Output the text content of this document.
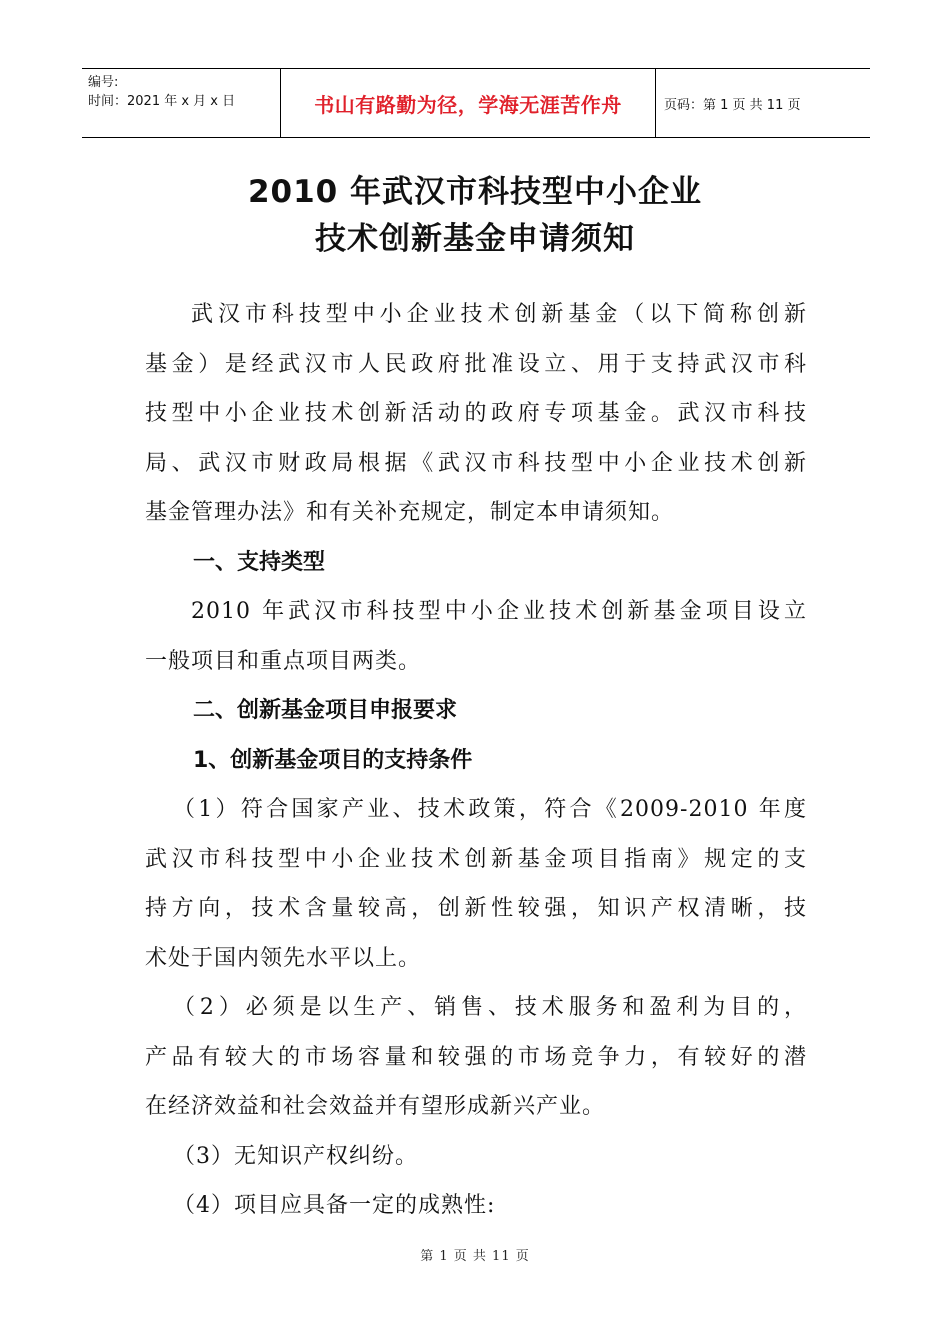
编号:
时间：2021 年 x 月 x 日	书山有路勤为径，学海无涯苦作舟	页码：第 1 页 共 11 页
2010 年武汉市科技型中小企业
技术创新基金申请须知
武汉市科技型中小企业技术创新基金（以下简称创新
基金）是经武汉市人民政府批准设立、用于支持武汉市科
技型中小企业技术创新活动的政府专项基金。武汉市科技
局、武汉市财政局根据《武汉市科技型中小企业技术创新
基金管理办法》和有关补充规定，制定本申请须知。
一、支持类型
2010 年武汉市科技型中小企业技术创新基金项目设立
一般项目和重点项目两类。
二、创新基金项目申报要求
1、创新基金项目的支持条件
（1）符合国家产业、技术政策，符合《2009-2010 年度
武汉市科技型中小企业技术创新基金项目指南》规定的支
持方向，技术含量较高，创新性较强，知识产权清晰，技
术处于国内领先水平以上。
（2）必须是以生产、销售、技术服务和盈利为目的，
产品有较大的市场容量和较强的市场竞争力，有较好的潜
在经济效益和社会效益并有望形成新兴产业。
（3）无知识产权纠纷。
（4）项目应具备一定的成熟性:
第 1 页 共 11 页
